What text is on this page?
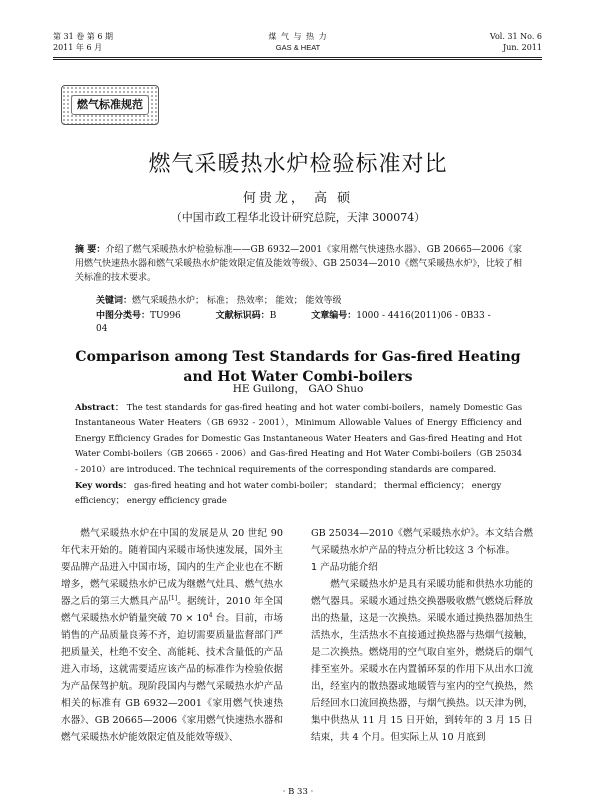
第 31 卷 第 6 期
2011 年 6 月
煤 气 与 热 力
GAS & HEAT
Vol. 31 No. 6
Jun. 2011
燃气标准规范
燃气采暖热水炉检验标准对比
何贵龙， 高 硕
（中国市政工程华北设计研究总院，天津 300074）
摘 要：介绍了燃气采暖热水炉检验标准——GB 6932—2001《家用燃气快速热水器》、GB 20665—2006《家用燃气快速热水器和燃气采暖热水炉能效限定值及能效等级》、GB 25034—2010《燃气采暖热水炉》，比较了相关标准的技术要求。
关键词：燃气采暖热水炉； 标准； 热效率； 能效； 能效等级
中图分类号：TU996	文献标识码：B	文章编号：1000 - 4416(2011)06 - 0B33 - 04
Comparison among Test Standards for Gas-fired Heating
and Hot Water Combi-boilers
HE Guilong， GAO Shuo
Abstract： The test standards for gas-fired heating and hot water combi-boilers，namely Domestic Gas Instantaneous Water Heaters（GB 6932 - 2001），Minimum Allowable Values of Energy Efficiency and Energy Efficiency Grades for Domestic Gas Instantaneous Water Heaters and Gas-fired Heating and Hot Water Combi-boilers（GB 20665 - 2006）and Gas-fired Heating and Hot Water Combi-boilers（GB 25034 - 2010）are introduced. The technical requirements of the corresponding standards are compared.
Key words： gas-fired heating and hot water combi-boiler； standard； thermal efficiency； energy efficiency； energy efficiency grade

燃气采暖热水炉在中国的发展是从 20 世纪 90 年代末开始的。随着国内采暖市场快速发展，国外主要品牌产品进入中国市场，国内的生产企业也在不断增多，燃气采暖热水炉已成为继燃气灶具、燃气热水器之后的第三大燃具产品[1]。据统计，2010 年全国燃气采暖热水炉销量突破 $70 \times 10^4$ 台。目前，市场销售的产品质量良莠不齐，迫切需要质量监督部门严把质量关，杜绝不安全、高能耗、技术含量低的产品进入市场，这就需要适应该产品的标准作为检验依据为产品保驾护航。现阶段国内与燃气采暖热水炉产品相关的标准有 GB 6932—2001《家用燃气快速热水器》、GB 20665—2006《家用燃气快速热水器和燃气采暖热水炉能效限定值及能效等级》、

GB 25034—2010《燃气采暖热水炉》。本文结合燃气采暖热水炉产品的特点分析比较这 3 个标准。

1 产品功能介绍

燃气采暖热水炉是具有采暖功能和供热水功能的燃气器具。采暖水通过热交换器吸收燃气燃烧后释放出的热量，这是一次换热。采暖水通过换热器加热生活热水，生活热水不直接通过换热器与热烟气接触，是二次换热。燃烧用的空气取自室外，燃烧后的烟气排至室外。采暖水在内置循环泵的作用下从出水口流出，经室内的散热器或地暖管与室内的空气换热，然后经回水口流回换热器，与烟气换热。以天津为例，集中供热从 11 月 15 日开始，到转年的 3 月 15 日结束，共 4 个月。但实际上从 10 月底到

· B 33 ·
